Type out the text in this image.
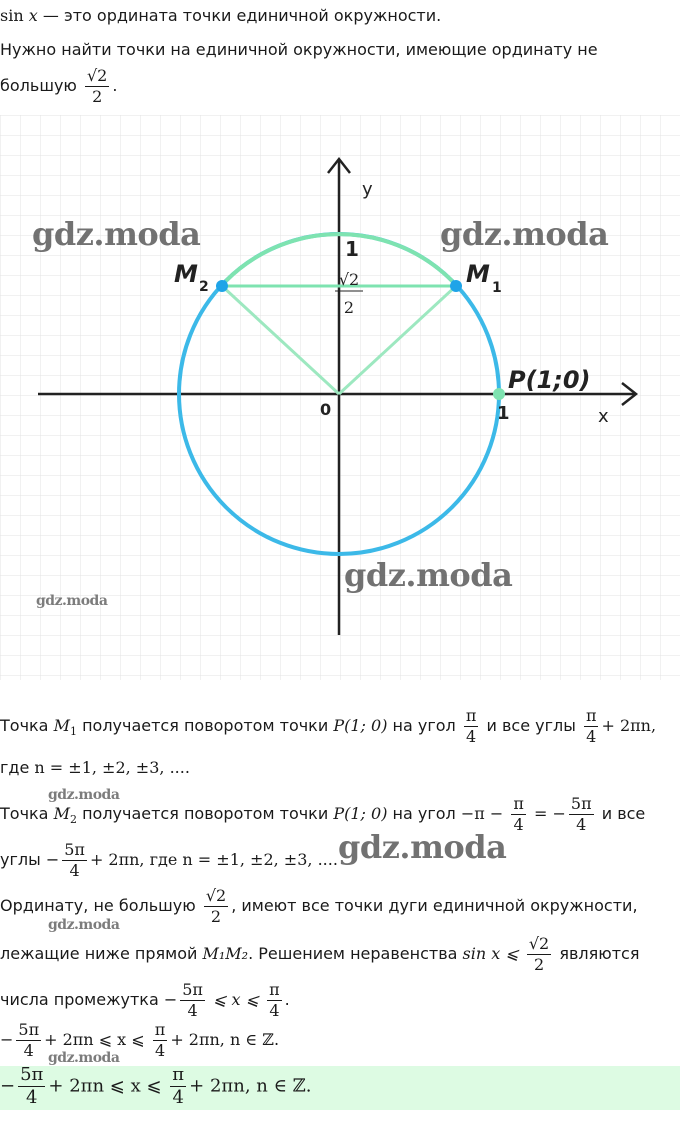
sin x — это ордината точки единичной окружности.
Нужно найти точки на единичной окружности, имеющие ординату не
большую $\frac{√2}{2}$ .
y
x
0
1
1
M 2	M 1
P(1;0)
√2
2
gdz.moda	gdz.moda
gdz.moda
gdz.moda
Точка $M_1$ получается поворотом точки P(1; 0) на угол $\frac{\pi}{4}$ и все углы $\frac{\pi}{4} + 2\pi n$,
где n = ±1, ±2, ±3, ....
gdz.moda
Точка $M_2$ получается поворотом точки P(1; 0) на угол $-\pi - \frac{\pi}{4}$ = − $\frac{5\pi}{4}$ и все
углы − $\frac{5\pi}{4} + 2\pi n$, где n = ±1, ±2, ±3, .... gdz.moda
Ординату, не большую $\frac{√2}{2}$ , имеют все точки дуги единичной окружности,
gdz.moda
лежащие ниже прямой M₁M₂. Решением неравенства sin x ⩽ $\frac{√2}{2}$ являются
числа промежутка − $\frac{5\pi}{4}$ ⩽ x ⩽ $\frac{\pi}{4}$ .
− $\frac{5\pi}{4} + 2\pi n$ ⩽ x ⩽ $\frac{\pi}{4} + 2\pi n$, n ∈ ℤ.
gdz.moda
− $\frac{5\pi}{4} + 2\pi n$ ⩽ x ⩽ $\frac{\pi}{4} + 2\pi n$, n ∈ ℤ.
